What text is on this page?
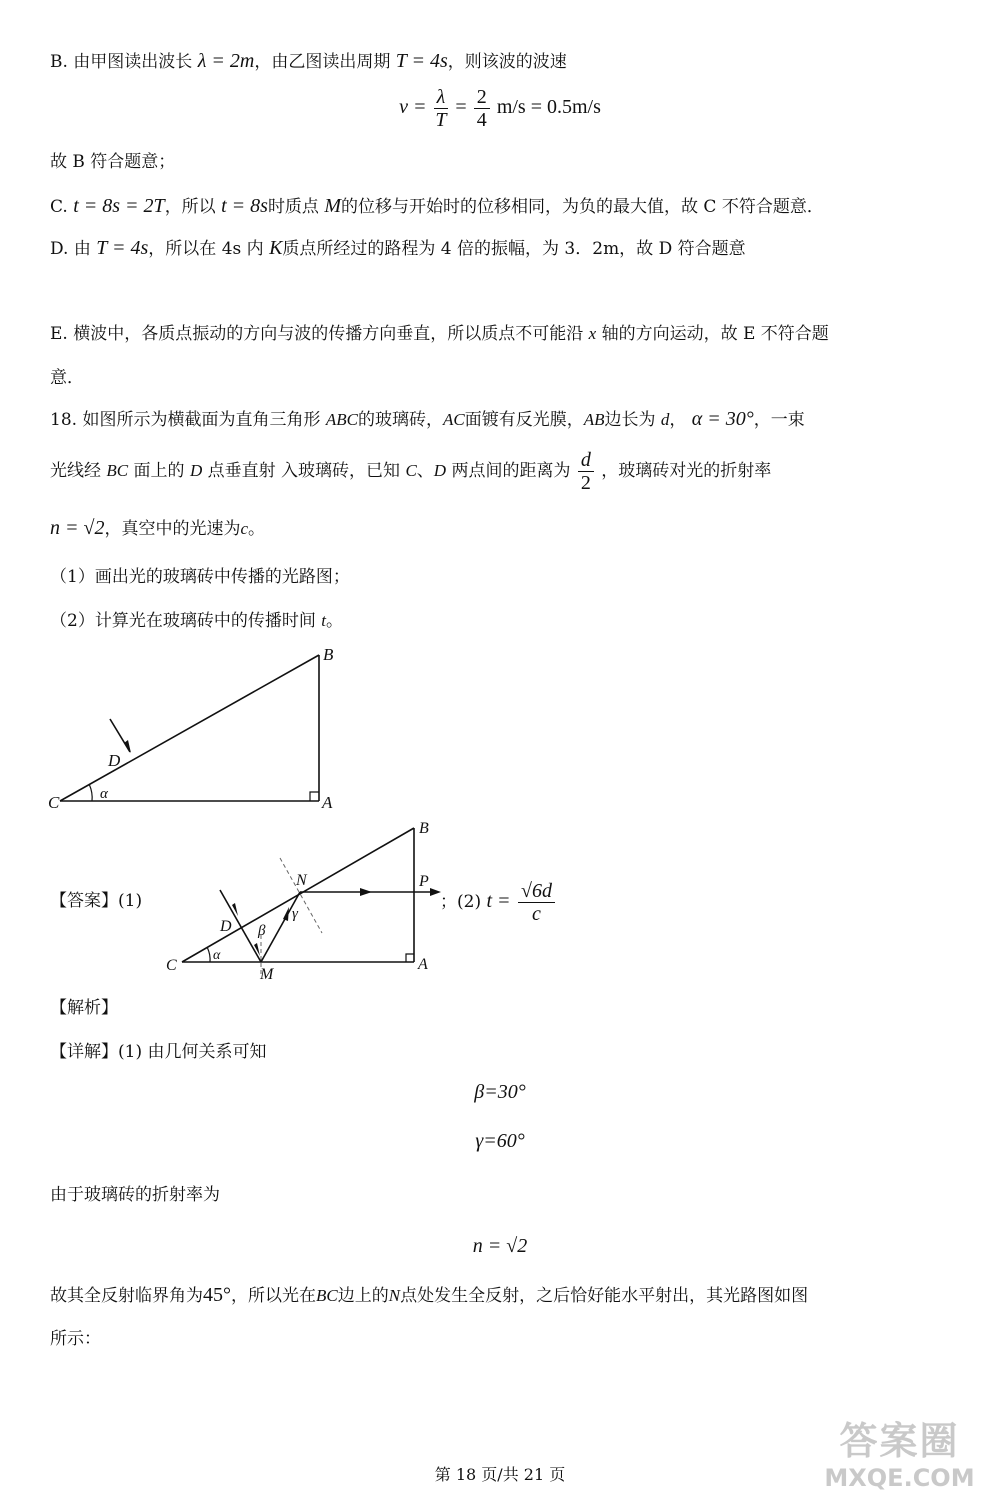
B. 由甲图读出波长 λ = 2m，由乙图读出周期 T = 4s，则该波的波速
$v = \frac{\lambda}{T} = \frac{2}{4} m/s = 0.5m/s$
故 B 符合题意；
C. t = 8s = 2T，所以 t = 8s时质点 M的位移与开始时的位移相同，为负的最大值，故 C 不符合题意．
D. 由 T = 4s，所以在 4s 内 K质点所经过的路程为 4 倍的振幅，为 3．2m，故 D 符合题意
E. 横波中，各质点振动的方向与波的传播方向垂直，所以质点不可能沿 x 轴的方向运动，故 E 不符合题
意．
18. 如图所示为横截面为直角三角形 ABC的玻璃砖，AC面镀有反光膜，AB边长为 d， α = 30°，一束
光线经 BC 面上的 D 点垂直射 入玻璃砖，已知 C、D 两点间的距离为 $\frac{d}{2}$ ，玻璃砖对光的折射率
n = √2，真空中的光速为c。
（1）画出光的玻璃砖中传播的光路图；
（2）计算光在玻璃砖中的传播时间 t。
B
D
C	α	A
【答案】(1)
B
N	P
D β
γ
C
α
M
A
；(2) $t = \frac{√6d}{c}$
【解析】
【详解】(1) 由几何关系可知
β=30°
γ=60°
由于玻璃砖的折射率为
n = √2
故其全反射临界角为45°，所以光在BC边上的N点处发生全反射，之后恰好能水平射出，其光路图如图
所示：
第 18 页/共 21 页
答案圈
MXQE.COM
